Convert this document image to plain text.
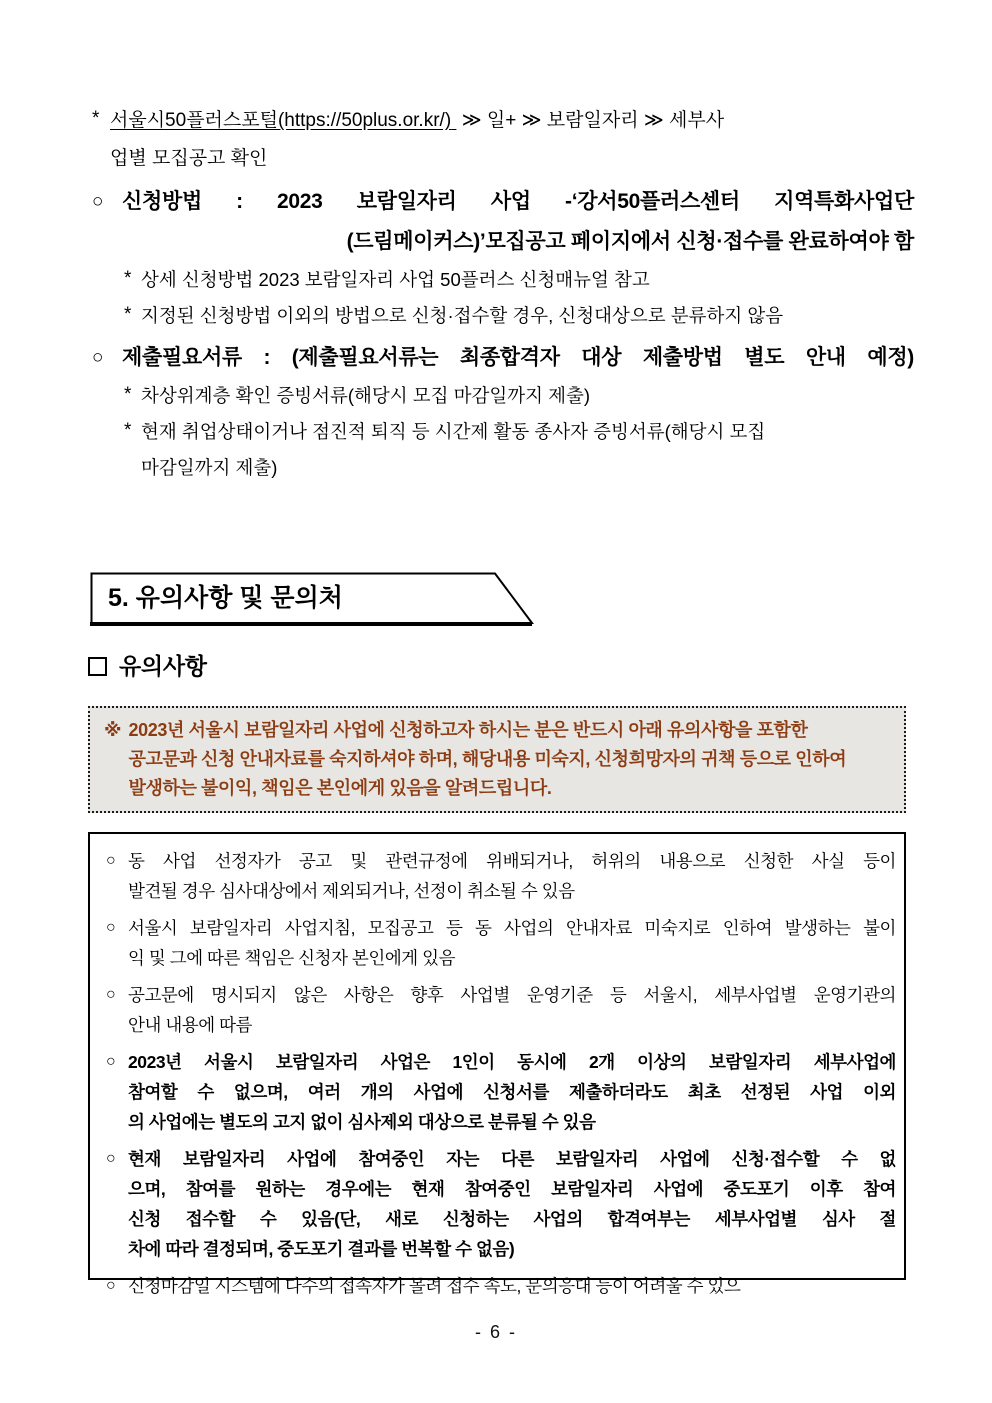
* 서울시50플러스포털(https://50plus.or.kr/)  ≫ 일+ ≫ 보람일자리 ≫ 세부사
업별 모집공고 확인
○ 신청방법 : 2023 보람일자리 사업 -‘강서50플러스센터 지역특화사업단
(드림메이커스)’모집공고 페이지에서 신청·접수를 완료하여야 함
* 상세 신청방법 2023 보람일자리 사업 50플러스 신청매뉴얼 참고
* 지정된 신청방법 이외의 방법으로 신청·접수할 경우, 신청대상으로 분류하지 않음
○ 제출필요서류 : (제출필요서류는 최종합격자 대상 제출방법 별도 안내 예정)
* 차상위계층 확인 증빙서류(해당시 모집 마감일까지 제출)
* 현재 취업상태이거나 점진적 퇴직 등 시간제 활동 종사자 증빙서류(해당시 모집
마감일까지 제출)
5. 유의사항 및 문의처
유의사항
※ 2023년 서울시 보람일자리 사업에 신청하고자 하시는 분은 반드시 아래 유의사항을 포함한
공고문과 신청 안내자료를 숙지하셔야 하며, 해당내용 미숙지, 신청희망자의 귀책 등으로 인하여
발생하는 불이익, 책임은 본인에게 있음을 알려드립니다.
○ 동 사업 선정자가 공고 및 관련규정에 위배되거나, 허위의 내용으로 신청한 사실 등이
발견될 경우 심사대상에서 제외되거나, 선정이 취소될 수 있음
○ 서울시 보람일자리 사업지침, 모집공고 등 동 사업의 안내자료 미숙지로 인하여 발생하는 불이
익 및 그에 따른 책임은 신청자 본인에게 있음
○ 공고문에 명시되지 않은 사항은 향후 사업별 운영기준 등 서울시, 세부사업별 운영기관의
안내 내용에 따름
○ 2023년 서울시 보람일자리 사업은 1인이 동시에 2개 이상의 보람일자리 세부사업에
참여할 수 없으며, 여러 개의 사업에 신청서를 제출하더라도 최초 선정된 사업 이외
의 사업에는 별도의 고지 없이 심사제외 대상으로 분류될 수 있음
○ 현재 보람일자리 사업에 참여중인 자는 다른 보람일자리 사업에 신청·접수할 수 없
으며, 참여를 원하는 경우에는 현재 참여중인 보람일자리 사업에 중도포기 이후 참여
신청 접수할 수 있음(단, 새로 신청하는 사업의 합격여부는 세부사업별 심사 절
차에 따라 결정되며, 중도포기 결과를 번복할 수 없음)
○ 신청마감일 시스템에 다수의 접속자가 몰려 접수 속도, 문의응대 등이 어려울 수 있으
- 6 -
